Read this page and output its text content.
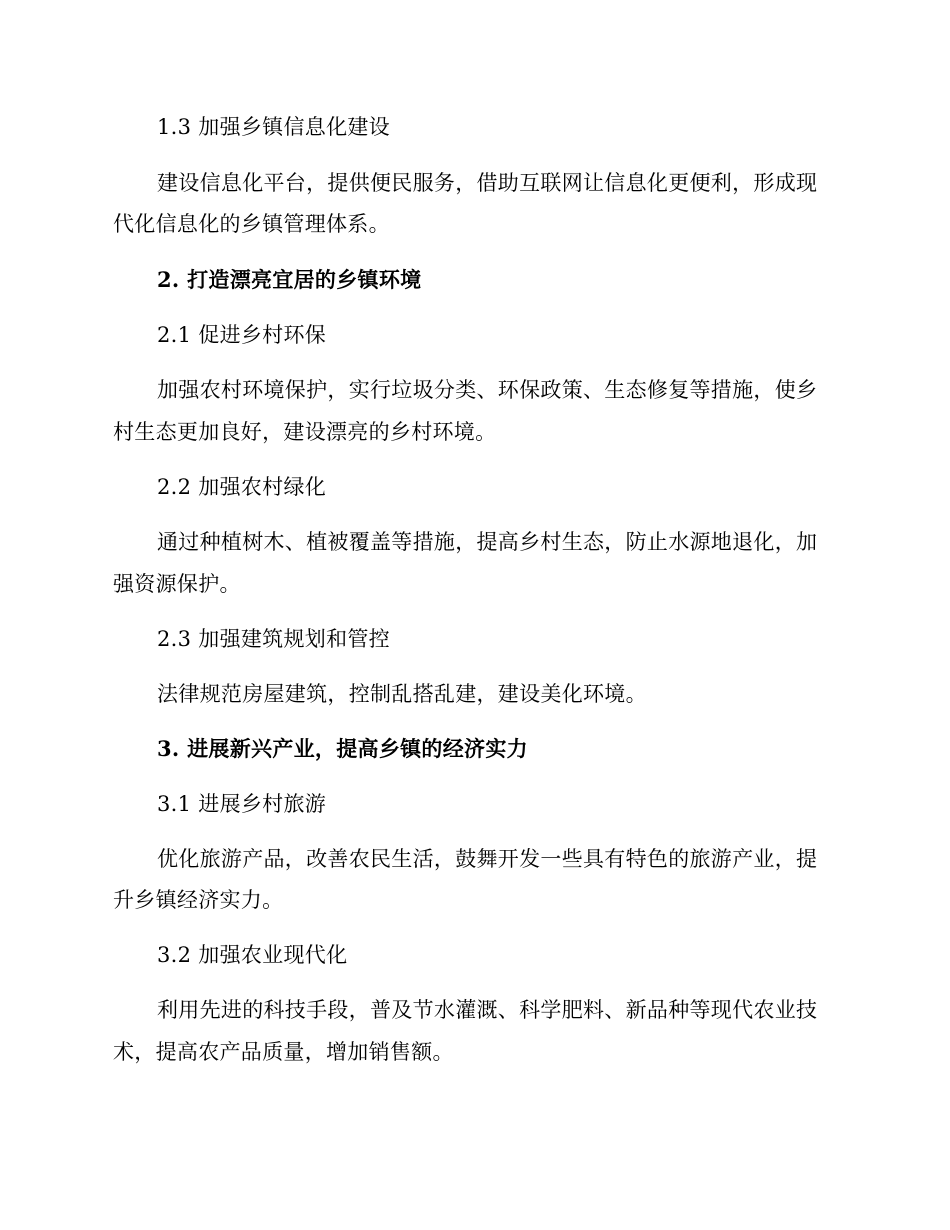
1.3 加强乡镇信息化建设
建设信息化平台，提供便民服务，借助互联网让信息化更便利，形成现
代化信息化的乡镇管理体系。
2. 打造漂亮宜居的乡镇环境
2.1 促进乡村环保
加强农村环境保护，实行垃圾分类、环保政策、生态修复等措施，使乡
村生态更加良好，建设漂亮的乡村环境。
2.2 加强农村绿化
通过种植树木、植被覆盖等措施，提高乡村生态，防止水源地退化，加
强资源保护。
2.3 加强建筑规划和管控
法律规范房屋建筑，控制乱搭乱建，建设美化环境。
3. 进展新兴产业，提高乡镇的经济实力
3.1 进展乡村旅游
优化旅游产品，改善农民生活，鼓舞开发一些具有特色的旅游产业，提
升乡镇经济实力。
3.2 加强农业现代化
利用先进的科技手段，普及节水灌溉、科学肥料、新品种等现代农业技
术，提高农产品质量，增加销售额。
